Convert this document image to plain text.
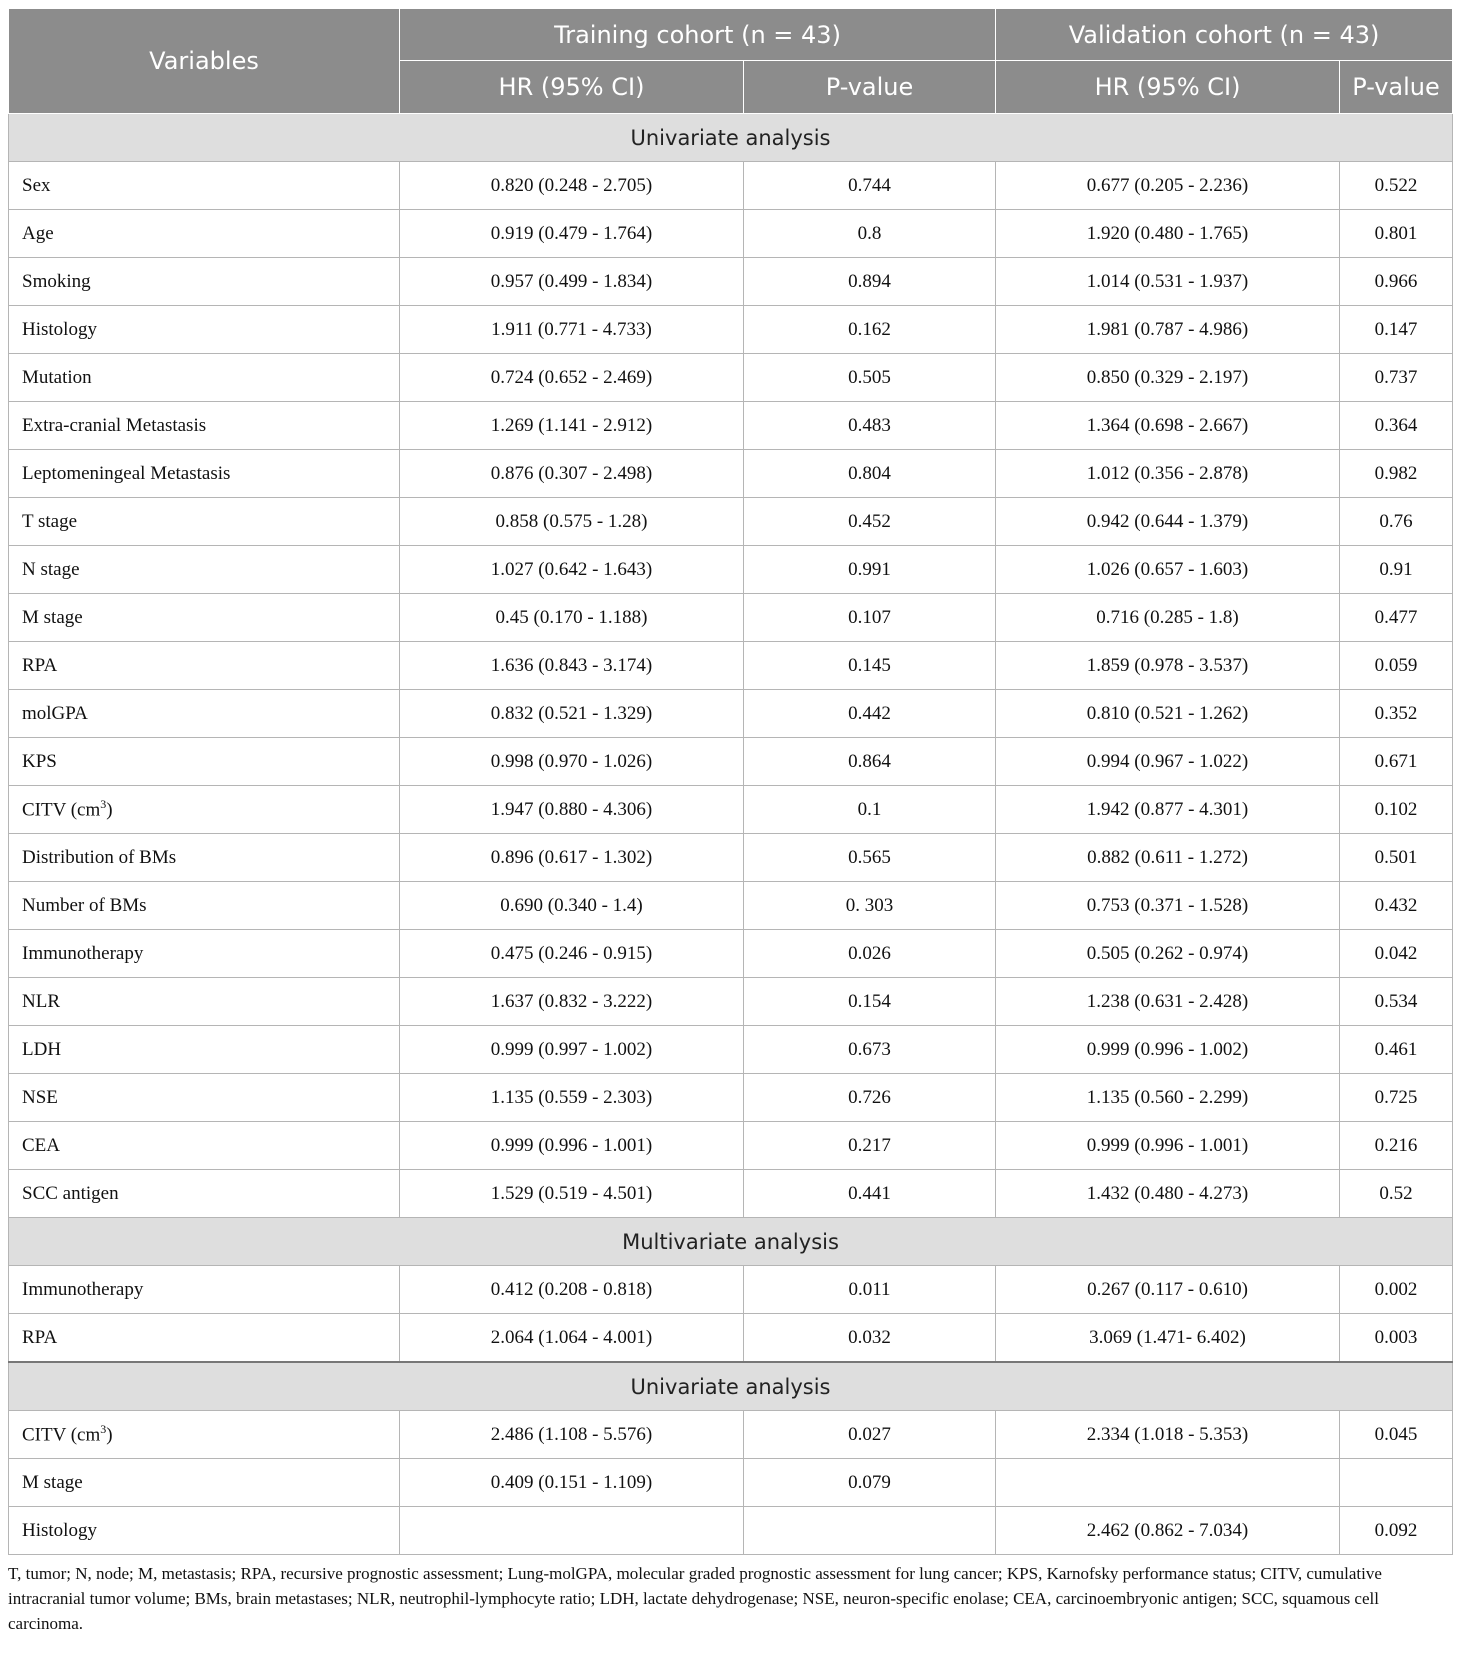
Variables	Training cohort (n = 43)		Validation cohort (n = 43)	
	HR (95% CI)	P-value	HR (95% CI)	P-value
Univariate analysis				
Sex	0.820 (0.248 - 2.705)	0.744	0.677 (0.205 - 2.236)	0.522
Age	0.919 (0.479 - 1.764)	0.8	1.920 (0.480 - 1.765)	0.801
Smoking	0.957 (0.499 - 1.834)	0.894	1.014 (0.531 - 1.937)	0.966
Histology	1.911 (0.771 - 4.733)	0.162	1.981 (0.787 - 4.986)	0.147
Mutation	0.724 (0.652 - 2.469)	0.505	0.850 (0.329 - 2.197)	0.737
Extra-cranial Metastasis	1.269 (1.141 - 2.912)	0.483	1.364 (0.698 - 2.667)	0.364
Leptomeningeal Metastasis	0.876 (0.307 - 2.498)	0.804	1.012 (0.356 - 2.878)	0.982
T stage	0.858 (0.575 - 1.28)	0.452	0.942 (0.644 - 1.379)	0.76
N stage	1.027 (0.642 - 1.643)	0.991	1.026 (0.657 - 1.603)	0.91
M stage	0.45 (0.170 - 1.188)	0.107	0.716 (0.285 - 1.8)	0.477
RPA	1.636 (0.843 - 3.174)	0.145	1.859 (0.978 - 3.537)	0.059
molGPA	0.832 (0.521 - 1.329)	0.442	0.810 (0.521 - 1.262)	0.352
KPS	0.998 (0.970 - 1.026)	0.864	0.994 (0.967 - 1.022)	0.671
CITV $(cm^3)$	1.947 (0.880 - 4.306)	0.1	1.942 (0.877 - 4.301)	0.102
Distribution of BMs	0.896 (0.617 - 1.302)	0.565	0.882 (0.611 - 1.272)	0.501
Number of BMs	0.690 (0.340 - 1.4)	0. 303	0.753 (0.371 - 1.528)	0.432
Immunotherapy	0.475 (0.246 - 0.915)	0.026	0.505 (0.262 - 0.974)	0.042
NLR	1.637 (0.832 - 3.222)	0.154	1.238 (0.631 - 2.428)	0.534
LDH	0.999 (0.997 - 1.002)	0.673	0.999 (0.996 - 1.002)	0.461
NSE	1.135 (0.559 - 2.303)	0.726	1.135 (0.560 - 2.299)	0.725
CEA	0.999 (0.996 - 1.001)	0.217	0.999 (0.996 - 1.001)	0.216
SCC antigen	1.529 (0.519 - 4.501)	0.441	1.432 (0.480 - 4.273)	0.52
Multivariate analysis				
Immunotherapy	0.412 (0.208 - 0.818)	0.011	0.267 (0.117 - 0.610)	0.002
RPA	2.064 (1.064 - 4.001)	0.032	3.069 (1.471- 6.402)	0.003
Univariate analysis				
CITV $(cm^3)$	2.486 (1.108 - 5.576)	0.027	2.334 (1.018 - 5.353)	0.045
M stage	0.409 (0.151 - 1.109)	0.079		
Histology			2.462 (0.862 - 7.034)	0.092
T, tumor; N, node; M, metastasis; RPA, recursive prognostic assessment; Lung-molGPA, molecular graded prognostic assessment for lung cancer; KPS, Karnofsky performance status; CITV, cumulative intracranial tumor volume; BMs, brain metastases; NLR, neutrophil-lymphocyte ratio; LDH, lactate dehydrogenase; NSE, neuron-specific enolase; CEA, carcinoembryonic antigen; SCC, squamous cell carcinoma.
